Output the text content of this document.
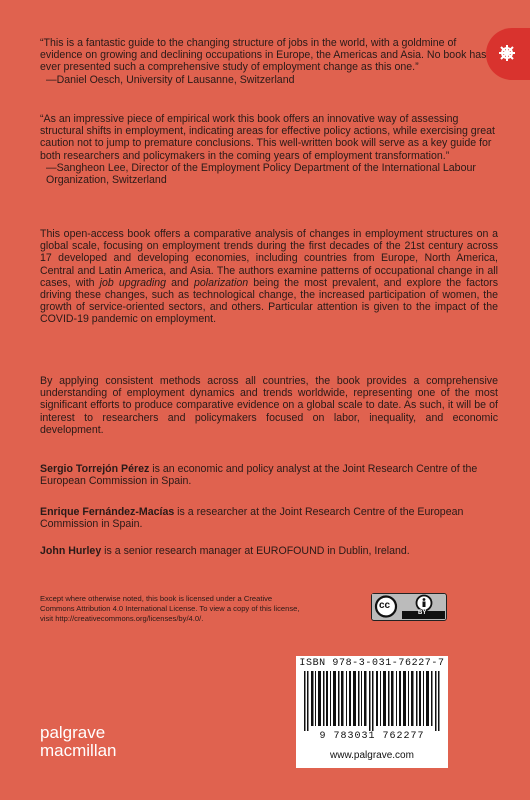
“This is a fantastic guide to the changing structure of jobs in the world, with a goldmine of evidence on growing and declining occupations in Europe, the Americas and Asia. No book has ever presented such a comprehensive study of employment change as this one.”

—Daniel Oesch, University of Lausanne, Switzerland

“As an impressive piece of empirical work this book offers an innovative way of assessing structural shifts in employment, indicating areas for effective policy actions, while exercising great caution not to jump to premature conclusions. This well-written book will serve as a key guide for both researchers and policymakers in the coming years of employment transformation.”

—Sangheon Lee, Director of the Employment Policy Department of the International Labour Organization, Switzerland

This open-access book offers a comparative analysis of changes in employment structures on a global scale, focusing on employment trends during the first decades of the 21st century across 17 developed and developing economies, including countries from Europe, North America, Central and Latin America, and Asia. The authors examine patterns of occupational change in all cases, with job upgrading and polarization being the most prevalent, and explore the factors driving these changes, such as technological change, the increased participation of women, the growth of service-oriented sectors, and others. Particular attention is given to the impact of the COVID-19 pandemic on employment.
By applying consistent methods across all countries, the book provides a comprehensive understanding of employment dynamics and trends worldwide, representing one of the most significant efforts to produce comparative evidence on a global scale to date. As such, it will be of interest to researchers and policymakers focused on labor, inequality, and economic development.
Sergio Torrejón Pérez is an economic and policy analyst at the Joint Research Centre of the European Commission in Spain.
Enrique Fernández-Macías is a researcher at the Joint Research Centre of the European Commission in Spain.
John Hurley is a senior research manager at EUROFOUND in Dublin, Ireland.
Except where otherwise noted, this book is licensed under a Creative Commons Attribution 4.0 International License. To view a copy of this license, visit http://creativecommons.org/licenses/by/4.0/.
cc
BY
palgrave
macmillan
ISBN 978-3-031-76227-7
9 783031 762277
www.palgrave.com
